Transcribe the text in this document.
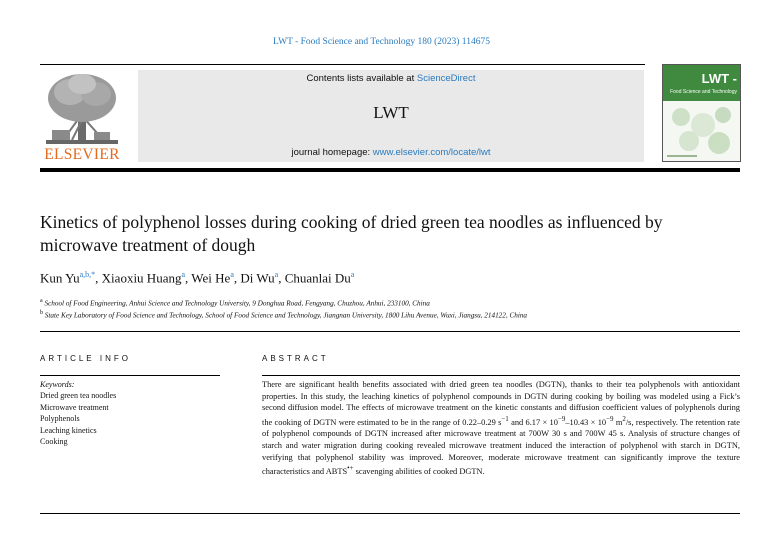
LWT - Food Science and Technology 180 (2023) 114675
ELSEVIER
Contents lists available at ScienceDirect
LWT
journal homepage: www.elsevier.com/locate/lwt
LWT -
Food Science and Technology
Kinetics of polyphenol losses during cooking of dried green tea noodles as influenced by microwave treatment of dough
Kun $Yu^{a,b,*}$, Xiaoxiu Huang$^a$, Wei He$^a$, Di Wu$^a$, Chuanlai Du$^a$
$^a$ School of Food Engineering, Anhui Science and Technology University, 9 Donghua Road, Fengyang, Chuzhou, Anhui, 233100, China
$^b$ State Key Laboratory of Food Science and Technology, School of Food Science and Technology, Jiangnan University, 1800 Lihu Avenue, Wuxi, Jiangsu, 214122, China
ARTICLE INFO	ABSTRACT
Keywords:
Dried green tea noodles
Microwave treatment
Polyphenols
Leaching kinetics
Cooking
There are significant health benefits associated with dried green tea noodles (DGTN), thanks to their tea polyphenols with antioxidant properties. In this study, the leaching kinetics of polyphenol compounds in DGTN during cooking by boiling was modeled using a Fick’s second diffusion model. The effects of microwave treatment on the kinetic constants and diffusion coefficient values of polyphenols during the cooking of DGTN were estimated to be in the range of 0.22–0.29 $s^{-1}$ and $6.17 \times 10^{-9}-10.43 \times 10^{-9}$ $m^2/s$, respectively. The retention rate of polyphenol compounds of DGTN increased after microwave treatment at 700W 30 s and 700W 45 s. Analysis of structure changes of starch and water migration during cooking revealed microwave treatment induced the interaction of polyphenol with starch in DGTN, verifying that polyphenol stability was improved. Moreover, moderate microwave treatment can significantly improve the texture characteristics and ABTS•+ scavenging abilities of cooked DGTN.
